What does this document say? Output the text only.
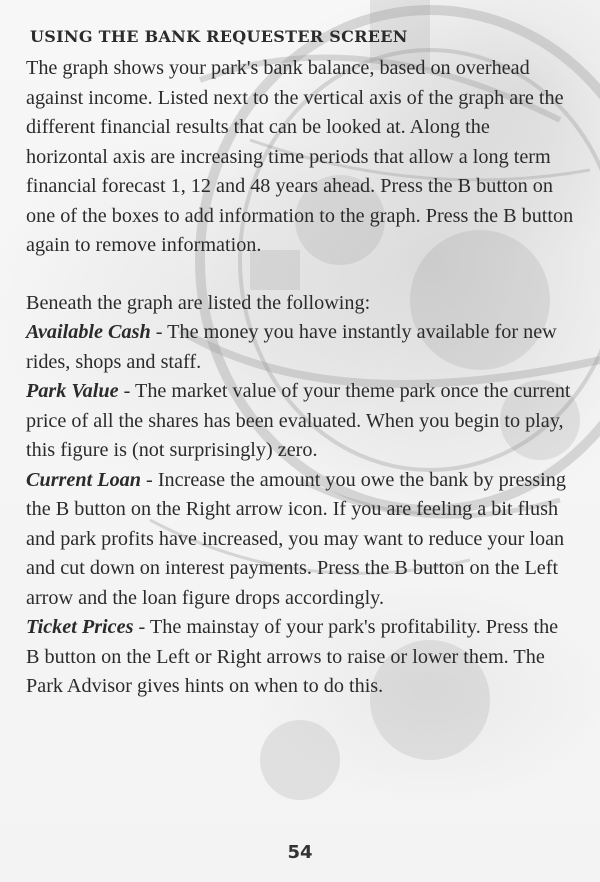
USING THE BANK REQUESTER SCREEN

The graph shows your park's bank balance, based on overhead against income. Listed next to the vertical axis of the graph are the different financial results that can be looked at. Along the horizontal axis are increasing time periods that allow a long term financial forecast 1, 12 and 48 years ahead. Press the B button on one of the boxes to add information to the graph. Press the B button again to remove information.

Beneath the graph are listed the following:

Available Cash - The money you have instantly available for new rides, shops and staff.

Park Value - The market value of your theme park once the current price of all the shares has been evaluated. When you begin to play, this figure is (not surprisingly) zero.

Current Loan - Increase the amount you owe the bank by pressing the B button on the Right arrow icon. If you are feeling a bit flush and park profits have increased, you may want to reduce your loan and cut down on interest payments. Press the B button on the Left arrow and the loan figure drops accordingly.

Ticket Prices - The mainstay of your park's profitability. Press the B button on the Left or Right arrows to raise or lower them. The Park Advisor gives hints on when to do this.

54
